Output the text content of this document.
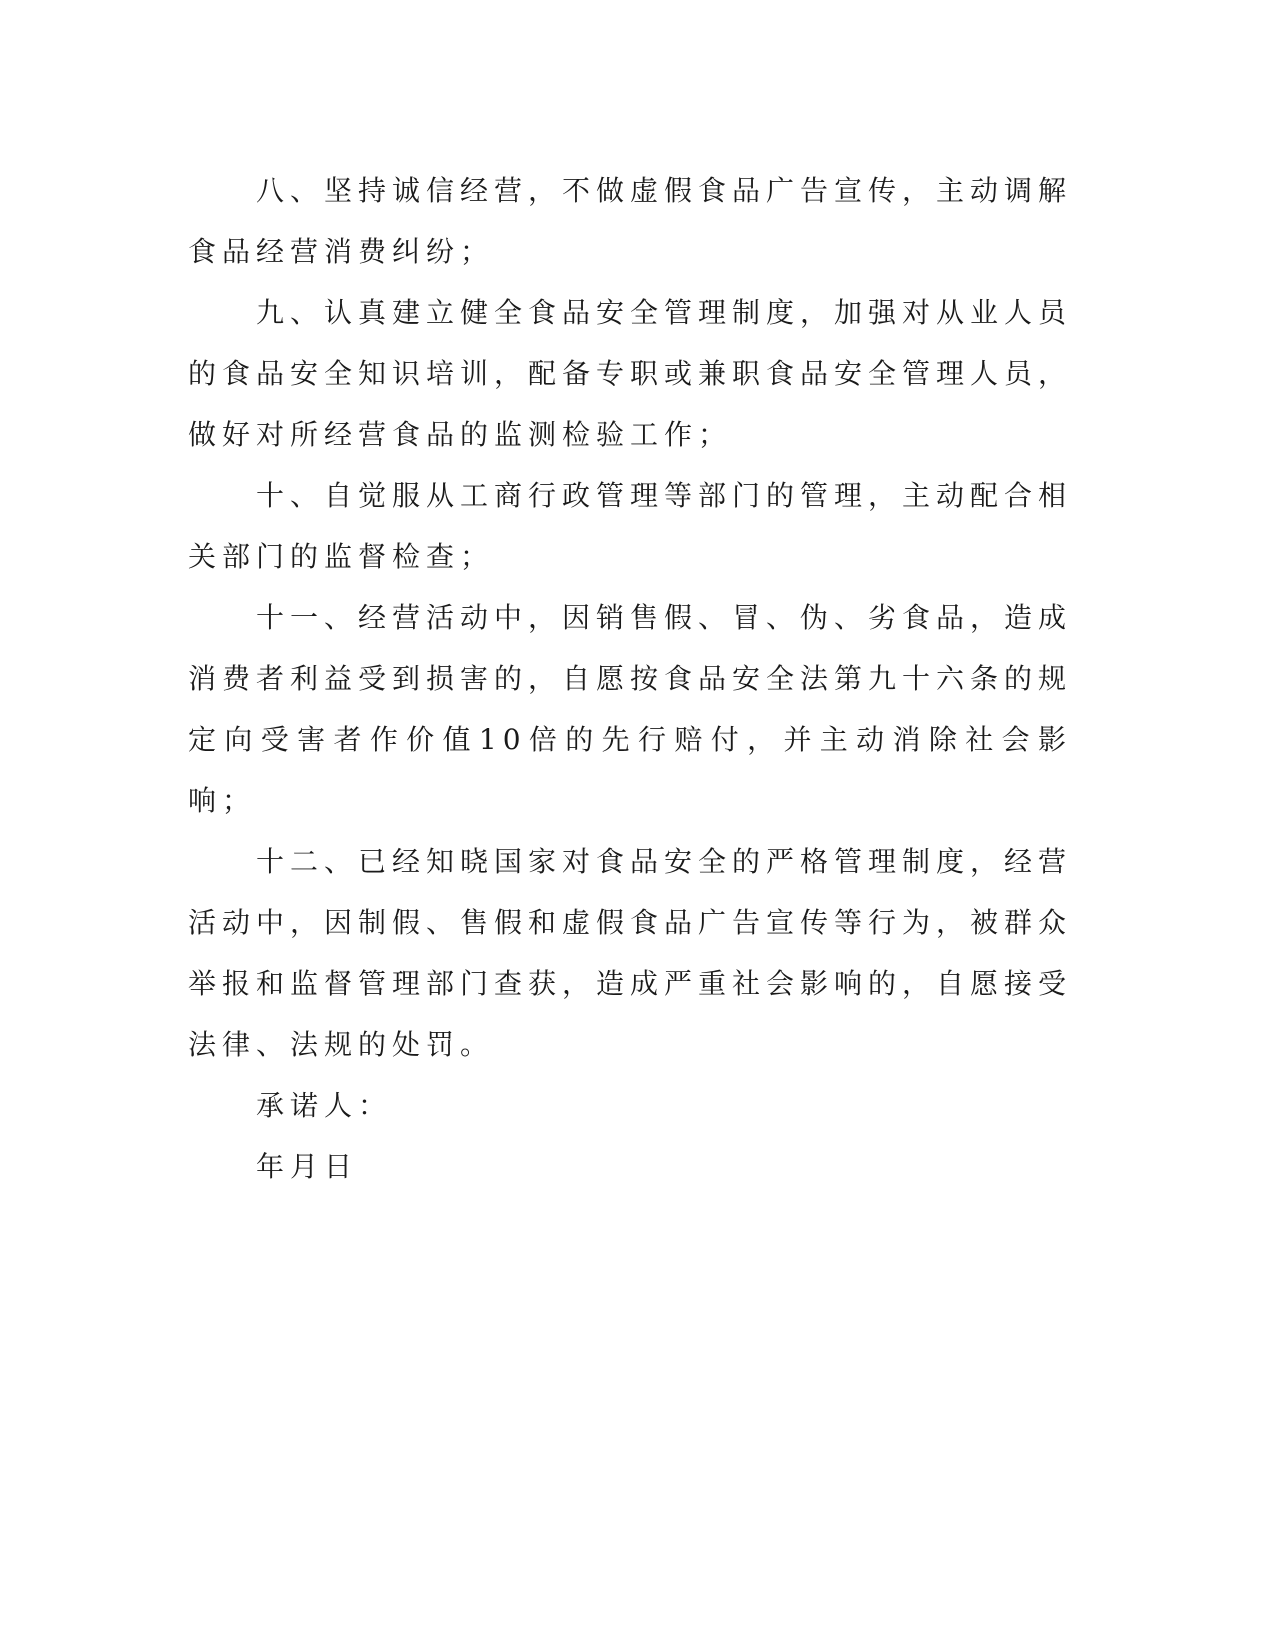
八、坚持诚信经营，不做虚假食品广告宣传，主动调解食品经营消费纠纷；

九、认真建立健全食品安全管理制度，加强对从业人员的食品安全知识培训，配备专职或兼职食品安全管理人员，做好对所经营食品的监测检验工作；

十、自觉服从工商行政管理等部门的管理，主动配合相关部门的监督检查；

十一、经营活动中，因销售假、冒、伪、劣食品，造成消费者利益受到损害的，自愿按食品安全法第九十六条的规定向受害者作价值10倍的先行赔付，并主动消除社会影响；

十二、已经知晓国家对食品安全的严格管理制度，经营活动中，因制假、售假和虚假食品广告宣传等行为，被群众举报和监督管理部门查获，造成严重社会影响的，自愿接受法律、法规的处罚。

承诺人：

年月日
